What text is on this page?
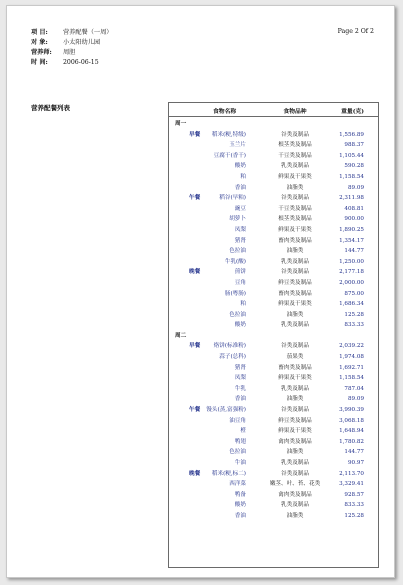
项 目:	营养配餐（一周）
对 象:	小太阳幼儿园
营养师:	周胆
时 间:	2006-06-15
Page 2 Of 2
营养配餐列表	食物名称	食物品种	重量(克)
周一
早餐 稻米(粳,特级)	谷类及制品	1,556.89
玉兰片	根茎类及制品	988.37
豆腐干(香干)	干豆类及制品	1,105.44
酸奶	乳类及制品	590.28
粕	鲜果及干果类	1,158.54
香油	油脂类	89.09
午餐	稻谷(早粕)	谷类及制品	2,311.98
豌豆	干豆类及制品	408.81
胡萝卜	根茎类及制品	900.00
凤梨	鲜果及干果类	1,890.25
猪肾	畜肉类及制品	1,354.17
色拉油	油脂类	144.77
牛乳(酸)	乳类及制品	1,250.00
晚餐	煎饼	谷类及制品	2,177.18
豆角	鲜豆类及制品	2,000.00
肠(粤肠)	畜肉类及制品	875.00
粕	鲜果及干果类	1,686.34
色拉油	油脂类	125.28
酸奶	乳类及制品	833.33
周二
早餐 烙饼(标准粉)	谷类及制品	2,039.22
蒜子(总科)	茄果类	1,974.08
猪肾	畜肉类及制品	1,692.71
凤梨	鲜果及干果类	1,158.54
牛乳	乳类及制品	787.04
香油	油脂类	89.09
午餐 馒头(蒸,富强粉)	谷类及制品	3,990.39
油豆角	鲜豆类及制品	3,068.18
橙	鲜果及干果类	1,648.94
鸭翅	禽肉类及制品	1,780.82
色拉油	油脂类	144.77
牛油	乳类及制品	90.97
晚餐 稻米(粳,标二)	谷类及制品	2,113.70
西洋菜	嫩茎、叶、苔、花类	3,329.41
鸭备	禽肉类及制品	928.57
酸奶	乳类及制品	833.33
香油	油脂类	125.28
